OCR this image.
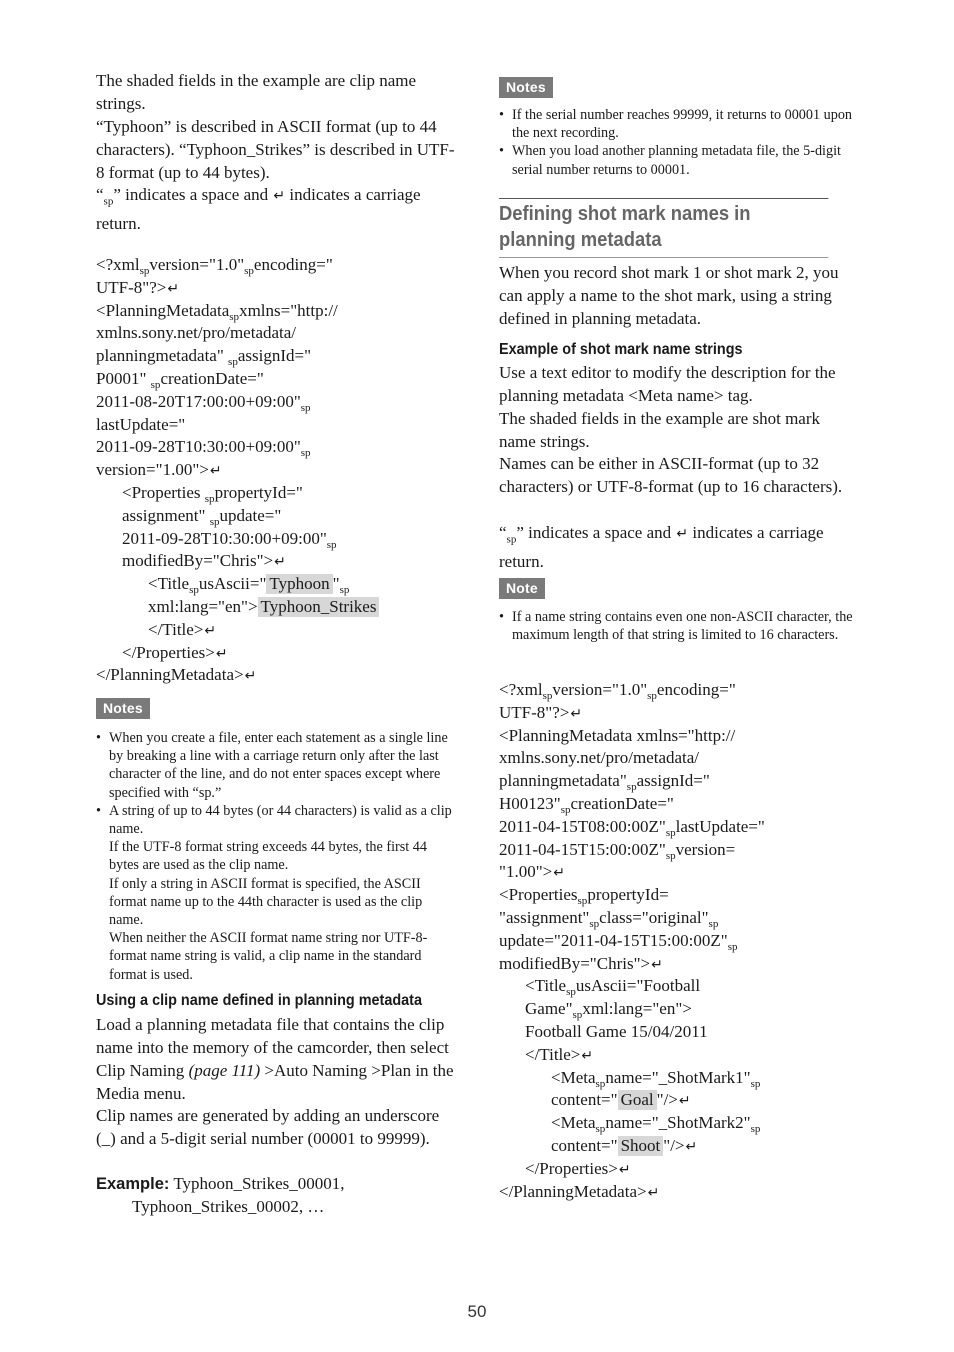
The shaded fields in the example are clip name strings.
“Typhoon” is described in ASCII format (up to 44 characters). “Typhoon_Strikes” is described in UTF-8 format (up to 44 bytes).
“$_{sp}$” indicates a space and ↵ indicates a carriage return.
$<?xml_{sp}version="1.0"_{sp}encoding=$"
UTF-8"?>↵
<PlanningMetadata$_{sp}$xmlns="http://
xmlns.sony.net/pro/metadata/
planningmetadata" $_{sp}$assignId="
P0001" $_{sp}$creationDate="
$2011-08-20T17:00:00+09:00"_{sp}$
lastUpdate="
$2011-09-28T10:30:00+09:00"_{sp}$
version="1.00">↵
<Properties $_{sp}$propertyId="
assignment" $_{sp}$update="
$2011-09-28T10:30:00+09:00"_{sp}$
modifiedBy="Chris">↵
<Title$_{sp}$usAscii=" Typhoon "$_{sp}$
xml:lang="en"> Typhoon_Strikes
</Title>↵
</Properties>↵
</PlanningMetadata>↵
Notes
• When you create a file, enter each statement as a single line by breaking a line with a carriage return only after the last character of the line, and do not enter spaces except where specified with “sp.”
• A string of up to 44 bytes (or 44 characters) is valid as a clip name.
If the UTF-8 format string exceeds 44 bytes, the first 44 bytes are used as the clip name.
If only a string in ASCII format is specified, the ASCII format name up to the 44th character is used as the clip name.
When neither the ASCII format name string nor UTF-8-format name string is valid, a clip name in the standard format is used.
Using a clip name defined in planning metadata
Load a planning metadata file that contains the clip name into the memory of the camcorder, then select Clip Naming (page 111) >Auto Naming >Plan in the Media menu.
Clip names are generated by adding an underscore (_) and a 5-digit serial number (00001 to 99999).
Example: Typhoon_Strikes_00001,
Typhoon_Strikes_00002, …
Notes
• If the serial number reaches 99999, it returns to 00001 upon the next recording.
• When you load another planning metadata file, the 5-digit serial number returns to 00001.
Defining shot mark names in planning metadata
When you record shot mark 1 or shot mark 2, you can apply a name to the shot mark, using a string defined in planning metadata.
Example of shot mark name strings
Use a text editor to modify the description for the planning metadata <Meta name> tag.
The shaded fields in the example are shot mark name strings.
Names can be either in ASCII-format (up to 32 characters) or UTF-8-format (up to 16 characters).
“$_{sp}$” indicates a space and ↵ indicates a carriage return.
Note
• If a name string contains even one non-ASCII character, the maximum length of that string is limited to 16 characters.
$<?xml_{sp}version="1.0"_{sp}encoding=$"
UTF-8"?>↵
<PlanningMetadata xmlns="http://
xmlns.sony.net/pro/metadata/
$planningmetadata"_{sp}assignId=$"
$H00123"_{sp}creationDate=$"
$2011-04-15T08:00:00Z"_{sp}lastUpdate=$"
$2011-04-15T15:00:00Z"_{sp}version=$
"1.00">↵
<Properties$_{sp}$propertyId=
"$assignment"_{sp}class="original"_{sp}$
$update="2011-04-15T15:00:00Z"_{sp}$
modifiedBy="Chris">↵
<Title$_{sp}$usAscii="Football
$Game"_{sp}xml:lang="en">$
Football Game 15/04/2011
</Title>↵
$<Meta_{sp}name="\_ShotMark1"_{sp}$
content=" Goal "/>↵
$<Meta_{sp}name="\_ShotMark2"_{sp}$
content=" Shoot "/>↵
</Properties>↵
</PlanningMetadata>↵
50
